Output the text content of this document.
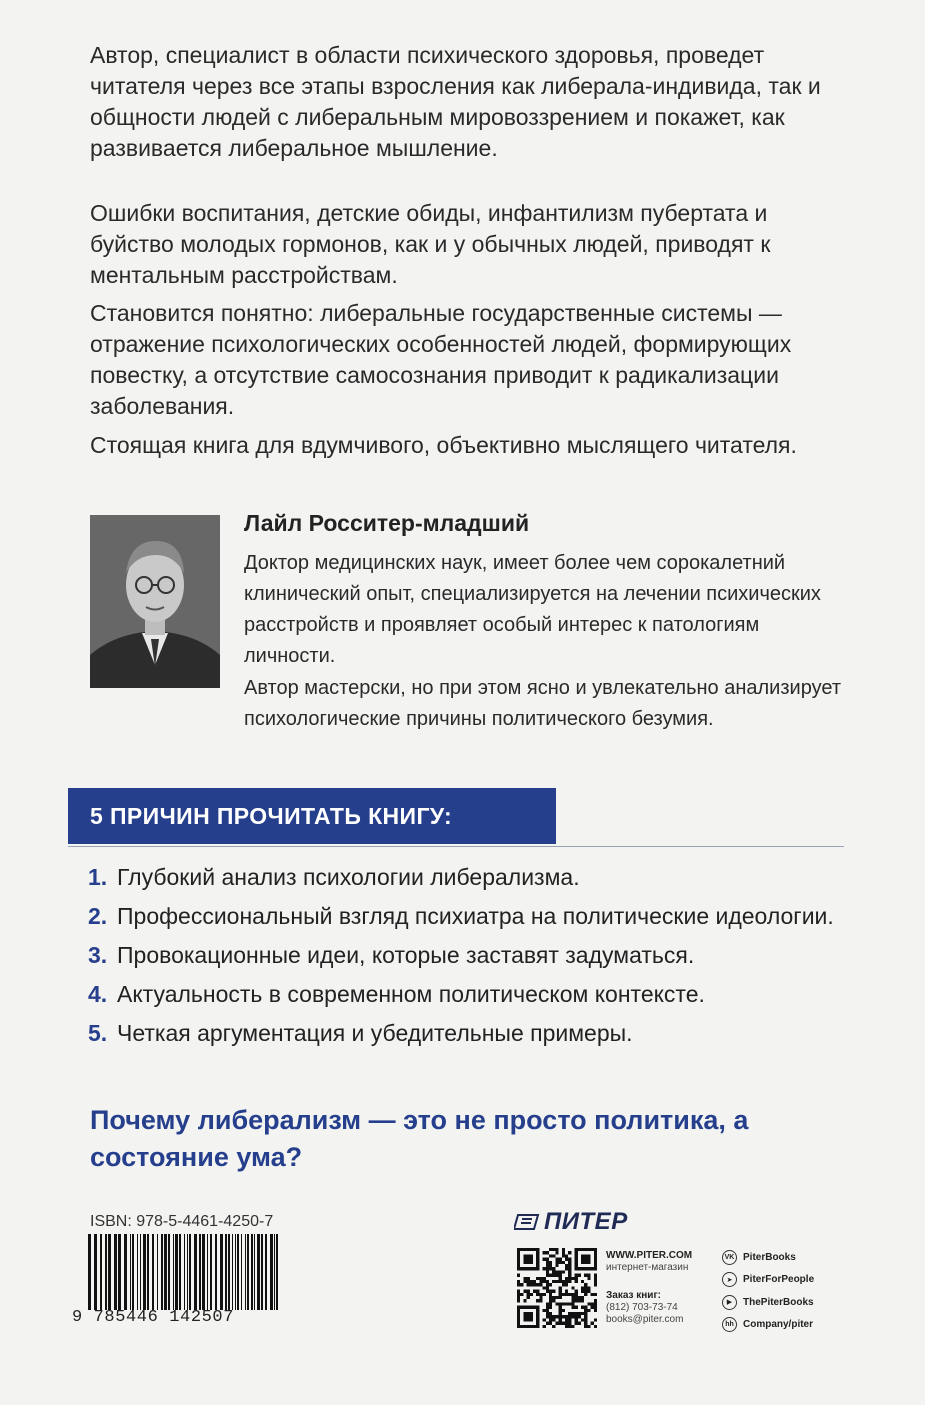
Автор, специалист в области психического здоровья, проведет читателя через все этапы взросления как либерала-индивида, так и общности людей с либеральным мировоззрением и покажет, как развивается либеральное мышление.
Ошибки воспитания, детские обиды, инфантилизм пубертата и буйство молодых гормонов, как и у обычных людей, приводят к ментальным расстройствам.
Становится понятно: либеральные государственные системы — отражение психологических особенностей людей, формирующих повестку, а отсутствие самосознания приводит к радикализации заболевания.
Стоящая книга для вдумчивого, объективно мыслящего читателя.
Лайл Росситер-младший
Доктор медицинских наук, имеет более чем сорокалетний клинический опыт, специализируется на лечении психических расстройств и проявляет особый интерес к патологиям личности.
Автор мастерски, но при этом ясно и увлекательно анализирует психологические причины политического безумия.
5 ПРИЧИН ПРОЧИТАТЬ КНИГУ:
1. Глубокий анализ психологии либерализма.
2. Профессиональный взгляд психиатра на политические идеологии.
3. Провокационные идеи, которые заставят задуматься.
4. Актуальность в современном политическом контексте.
5. Четкая аргументация и убедительные примеры.
Почему либерализм — это не просто политика, а состояние ума?
ISBN: 978-5-4461-4250-7
9 785446 142507
ПИТЕР
WWW.PITER.COM
интернет-магазин
Заказ книг:
(812) 703-73-74
books@piter.com
VK PiterBooks
➤	PiterForPeople
▶	ThePiterBooks
hh Company/piter
